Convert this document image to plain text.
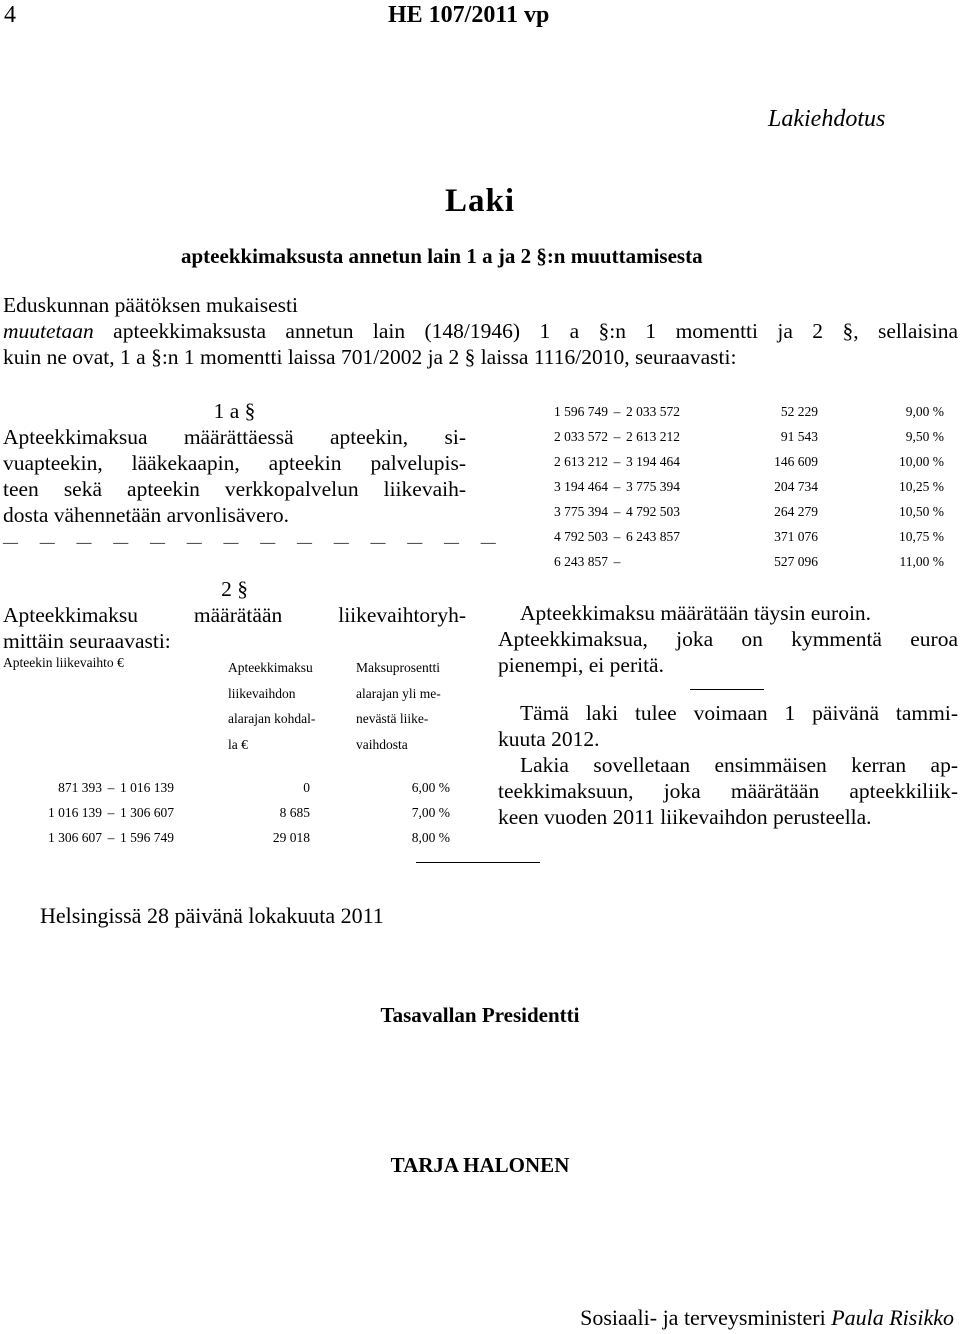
4	HE 107/2011 vp
Lakiehdotus
Laki
apteekkimaksusta annetun lain 1 a ja 2 §:n muuttamisesta
Eduskunnan päätöksen mukaisesti
muutetaan apteekkimaksusta annetun lain (148/1946) 1 a §:n 1 momentti ja 2 §, sellaisina
kuin ne ovat, 1 a §:n 1 momentti laissa 701/2002 ja 2 § laissa 1116/2010, seuraavasti:
1 a §
Apteekkimaksua määrättäessä apteekin, si-
vuapteekin, lääkekaapin, apteekin palvelupis-
teen sekä apteekin verkkopalvelun liikevaih-
dosta vähennetään arvonlisävero.
— — — — — — — — — — — — — —
2 §
Apteekkimaksu määrätään liikevaihtoryh-
mittäin seuraavasti:
Apteekin liikevaihto €	Apteekkimaksu
liikevaihdon
alarajan kohdal-
la €
Maksuprosentti
alarajan yli me-
nevästä liike-
vaihdosta
871 393	–	1 016 139	0	6,00 %
1 016 139	–	1 306 607	8 685	7,00 %
1 306 607	–	1 596 749	29 018	8,00 %
1 596 749	–	2 033 572	52 229	9,00 %
2 033 572	–	2 613 212	91 543	9,50 %
2 613 212	–	3 194 464	146 609	10,00 %
3 194 464	–	3 775 394	204 734	10,25 %
3 775 394	–	4 792 503	264 279	10,50 %
4 792 503	–	6 243 857	371 076	10,75 %
6 243 857	–		527 096	11,00 %
Apteekkimaksu määrätään täysin euroin.
Apteekkimaksua, joka on kymmentä euroa
pienempi, ei peritä.
Tämä laki tulee voimaan 1 päivänä tammi-
kuuta 2012.
Lakia sovelletaan ensimmäisen kerran ap-
teekkimaksuun, joka määrätään apteekkiliik-
keen vuoden 2011 liikevaihdon perusteella.
Helsingissä 28 päivänä lokakuuta 2011
Tasavallan Presidentti
TARJA HALONEN
Sosiaali- ja terveysministeri Paula Risikko
